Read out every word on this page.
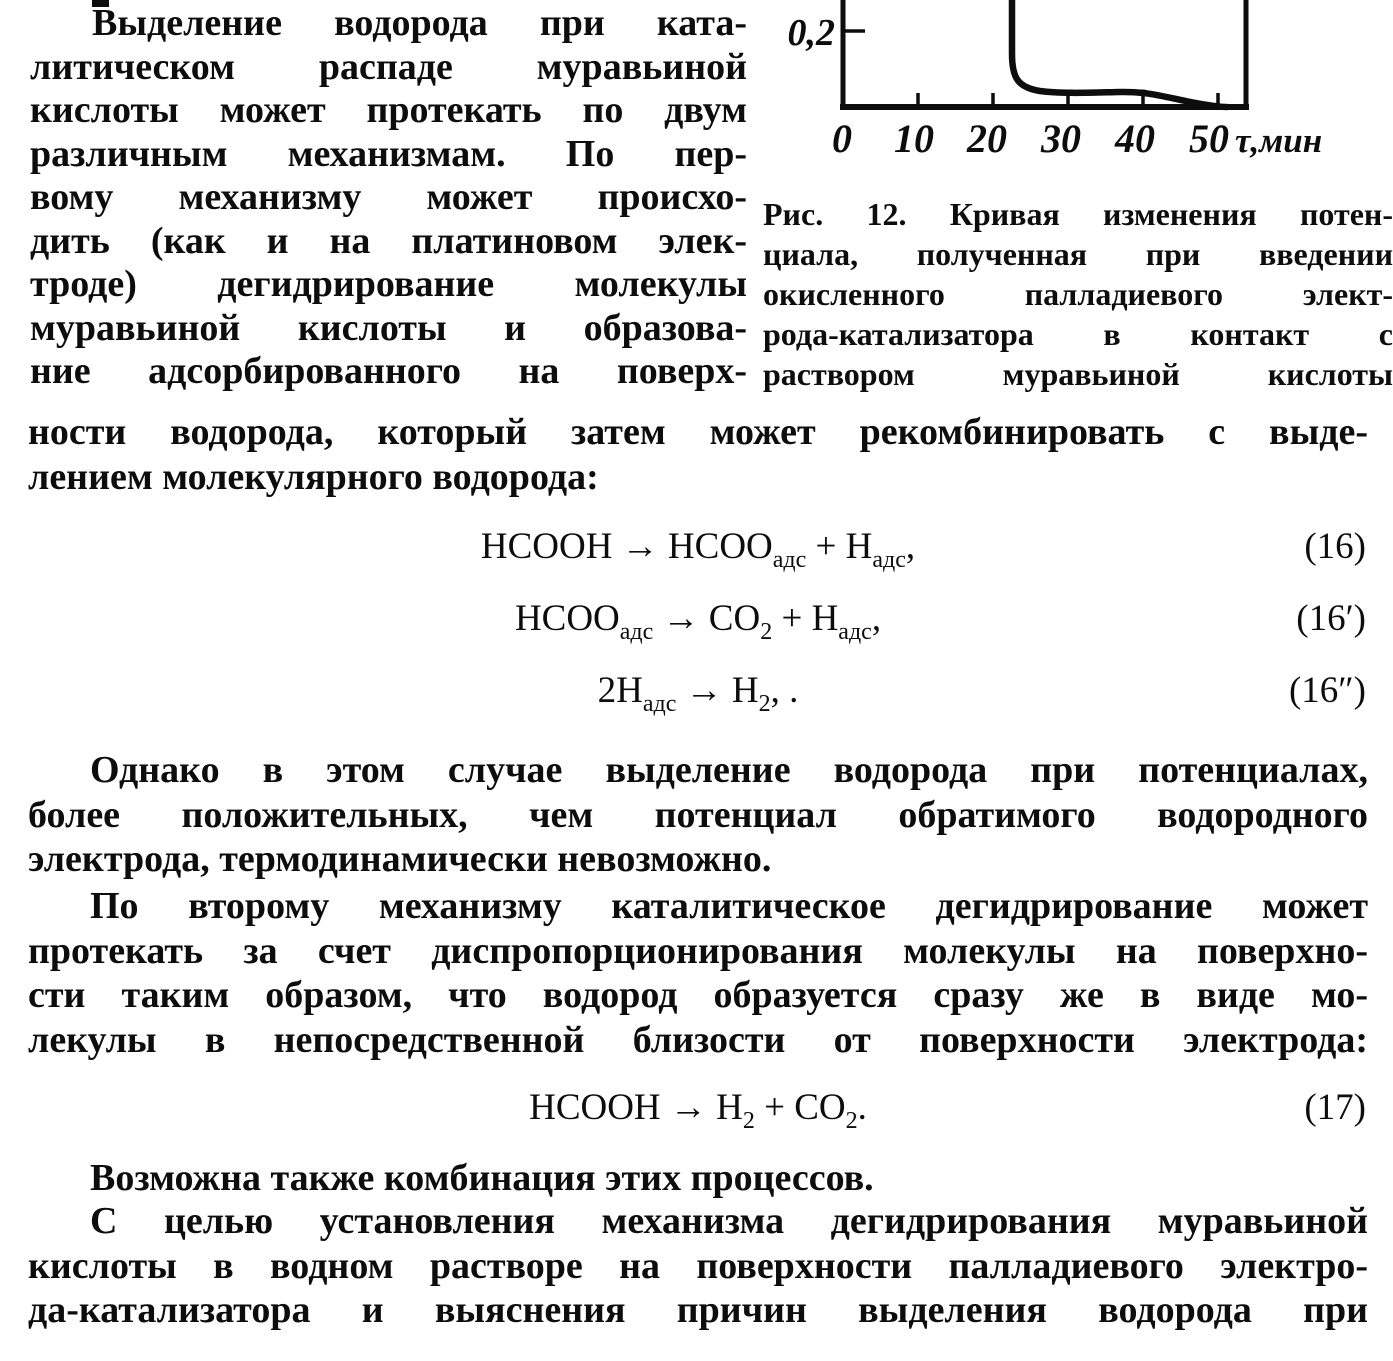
Выделение водорода при ката-
литическом распаде муравьиной
кислоты может протекать по двум
различным механизмам. По пер-
вому механизму может происхо-
дить (как и на платиновом элек-
троде) дегидрирование молекулы
муравьиной кислоты и образова-
ние адсорбированного на поверх-
0,2
0 10 20 30 40 50 τ,мин
Рис. 12. Кривая изменения потен-
циала, полученная при введении
окисленного палладиевого элект-
рода-катализатора в контакт с
раствором муравьиной кислоты
ности водорода, который затем может рекомбинировать с выде-
лением молекулярного водорода:
HCOOH → $HCOO_{адс} + H_{адс}$,	(16)
$HCOO_{адс} \to CO_2 + H_{адс}$,	(16′)
$2H_{адс} \to H_2$, .	(16″)
Однако в этом случае выделение водорода при потенциалах,
более положительных, чем потенциал обратимого водородного
электрода, термодинамически невозможно.
По второму механизму каталитическое дегидрирование может
протекать за счет диспропорционирования молекулы на поверхно-
сти таким образом, что водород образуется сразу же в виде мо-
лекулы в непосредственной близости от поверхности электрода:
HCOOH → $H_2 + CO_2$.	(17)
Возможна также комбинация этих процессов.
С целью установления механизма дегидрирования муравьиной
кислоты в водном растворе на поверхности палладиевого электро-
да-катализатора и выяснения причин выделения водорода при
